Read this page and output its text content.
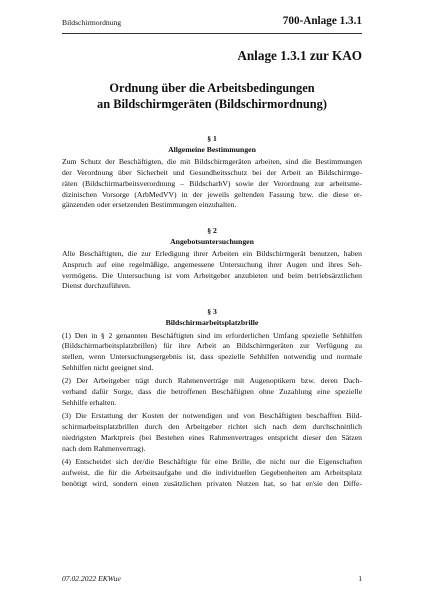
Bildschirmordnung	700-Anlage 1.3.1
Anlage 1.3.1 zur KAO
Ordnung über die Arbeitsbedingungen
an Bildschirmgeräten (Bildschirmordnung)
§ 1
Allgemeine Bestimmungen
Zum Schutz der Beschäftigten, die mit Bildschirmgeräten arbeiten, sind die Bestimmungen
der Verordnung über Sicherheit und Gesundheitsschutz bei der Arbeit an Bildschirmge-
räten (Bildschirmarbeitsverordnung – BildscharbV) sowie der Verordnung zur arbeitsme-
dizinischen Vorsorge (ArbMedVV) in der jeweils geltenden Fassung bzw. die diese er-
gänzenden oder ersetzenden Bestimmungen einzuhalten.
§ 2
Angebotsuntersuchungen
Alle Beschäftigten, die zur Erledigung ihrer Arbeiten ein Bildschirmgerät benutzen, haben
Anspruch auf eine regelmäßige, angemessene Untersuchung ihrer Augen und ihres Seh-
vermögens. Die Untersuchung ist vom Arbeitgeber anzubieten und beim betriebsärztlichen
Dienst durchzuführen.
§ 3
Bildschirmarbeitsplatzbrille
(1) Den in § 2 genannten Beschäftigten sind im erforderlichen Umfang spezielle Sehhilfen
(Bildschirmarbeitsplatzbrillen) für ihre Arbeit an Bildschirmgeräten zur Verfügung zu
stellen, wenn Untersuchungsergebnis ist, dass spezielle Sehhilfen notwendig und normale
Sehhilfen nicht geeignet sind.
(2) Der Arbeitgeber trägt durch Rahmenverträge mit Augenoptikern bzw. deren Dach-
verband dafür Sorge, dass die betroffenen Beschäftigten ohne Zuzahlung eine spezielle
Sehhilfe erhalten.
(3) Die Erstattung der Kosten der notwendigen und von Beschäftigten beschafften Bild-
schirmarbeitsplatzbrillen durch den Arbeitgeber richtet sich nach dem durchschnittlich
niedrigsten Marktpreis (bei Bestehen eines Rahmenvertrages entspricht dieser den Sätzen
nach dem Rahmenvertrag).
(4) Entscheidet sich der/die Beschäftigte für eine Brille, die nicht nur die Eigenschaften
aufweist, die für die Arbeitsaufgabe und die individuellen Gegebenheiten am Arbeitsplatz
benötigt wird, sondern einen zusätzlichen privaten Nutzen hat, so hat er/sie den Diffe-
07.02.2022 EKWue	1
